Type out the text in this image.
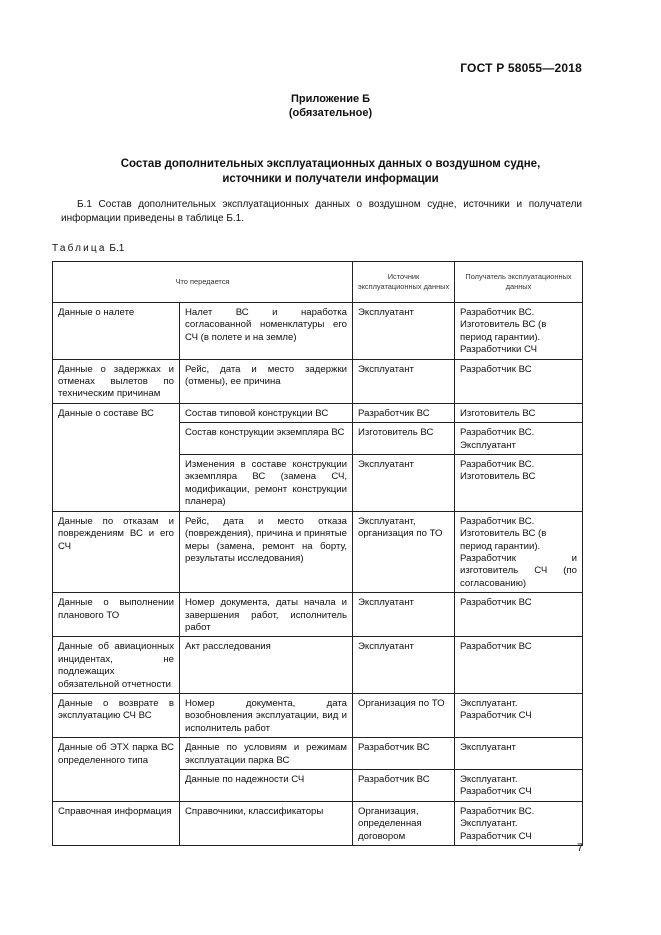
ГОСТ Р 58055—2018
Приложение Б
(обязательное)
Состав дополнительных эксплуатационных данных о воздушном судне,
источники и получатели информации
Б.1 Состав дополнительных эксплуатационных данных о воздушном судне, источники и получатели информации приведены в таблице Б.1.
Таблица Б.1
Что передается		Источник эксплуатационных данных	Получатель эксплуатационных данных
Данные о налете	Налет ВС и наработка согласованной номенклатуры его СЧ (в полете и на земле)	Эксплуатант	Разработчик ВС.
Изготовитель ВС (в период гарантии).
Разработчики СЧ

Данные о задержках и отменах вылетов по техническим причинам	Рейс, дата и место задержки (отмены), ее причина	Эксплуатант	Разработчик ВС

Данные о составе ВС	Состав типовой конструкции ВС	Разработчик ВС	Изготовитель ВС

	Состав конструкции экземпляра ВС	Изготовитель ВС	Разработчик ВС.
Эксплуатант

	Изменения в составе конструкции экземпляра ВС (замена СЧ, модификации, ремонт конструкции планера)	Эксплуатант	Разработчик ВС.
Изготовитель ВС

Данные по отказам и повреждениям ВС и его СЧ	Рейс, дата и место отказа (повреждения), причина и принятые меры (замена, ремонт на борту, результаты исследования)	Эксплуатант, организация по ТО	Разработчик ВС.
Изготовитель ВС (в период гарантии).
Разработчик и изготовитель СЧ (по согласованию)

Данные о выполнении планового ТО	Номер документа, даты начала и завершения работ, исполнитель работ	Эксплуатант	Разработчик ВС

Данные об авиационных инцидентах, не подлежащих обязательной отчетности	Акт расследования	Эксплуатант	Разработчик ВС

Данные о возврате в эксплуатацию СЧ ВС	Номер документа, дата возобновления эксплуатации, вид и исполнитель работ	Организация по ТО	Эксплуатант.
Разработчик СЧ

Данные об ЭТХ парка ВС определенного типа	Данные по условиям и режимам эксплуатации парка ВС	Разработчик ВС	Эксплуатант

	Данные по надежности СЧ	Разработчик ВС	Эксплуатант.
Разработчик СЧ

Справочная информация	Справочники, классификаторы	Организация, определенная договором	Разработчик ВС.
Эксплуатант.
Разработчик СЧ
7
